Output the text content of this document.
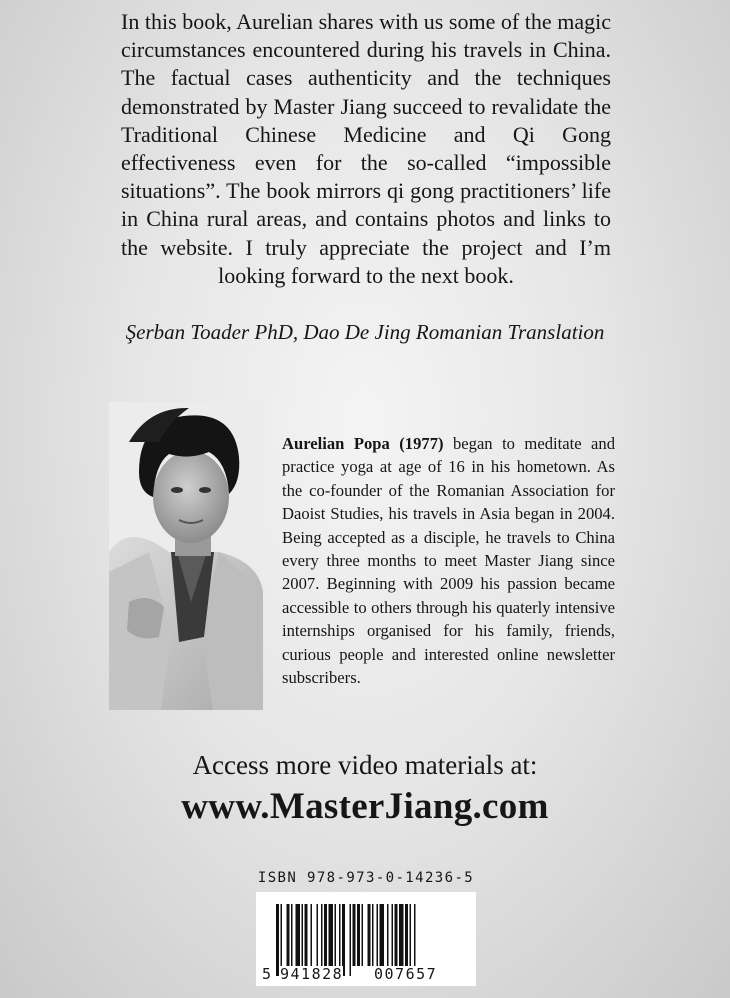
In this book, Aurelian shares with us some of the magic circumstances encountered during his travels in China. The factual cases authenticity and the techniques demonstrated by Master Jiang succeed to revalidate the Traditional Chinese Medicine and Qi Gong effectiveness even for the so-called “impossible situations”. The book mirrors qi gong practitioners’ life in China rural areas, and contains photos and links to the website. I truly appreciate the project and I’m looking forward to the next book.

Şerban Toader PhD, Dao De Jing Romanian Translation

Aurelian Popa (1977) began to meditate and practice yoga at age of 16 in his hometown. As the co-founder of the Romanian Association for Daoist Studies, his travels in Asia began in 2004. Being accepted as a disciple, he travels to China every three months to meet Master Jiang since 2007. Beginning with 2009 his passion became accessible to others through his quaterly intensive internships organised for his family, friends, curious people and interested online newsletter subscribers.

Access more video materials at:

www.MasterJiang.com

ISBN 978-973-0-14236-5
5 941828 007657
